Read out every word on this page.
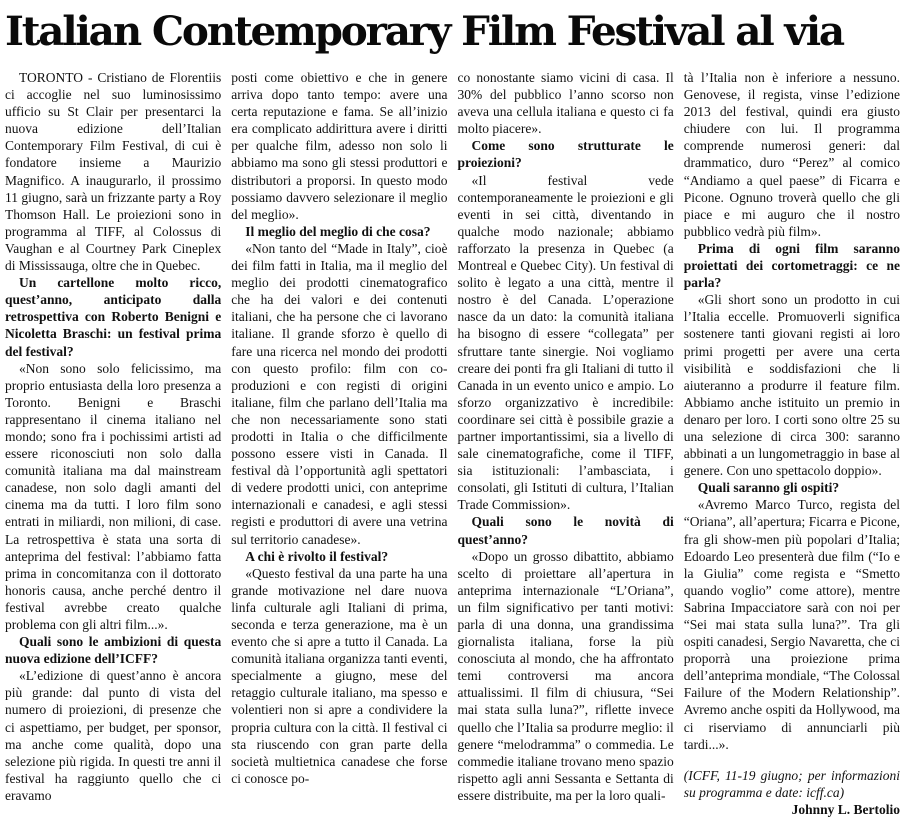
Italian Contemporary Film Festival al via

TORONTO - Cristiano de Florentiis ci accoglie nel suo luminosissimo ufficio su St Clair per presentarci la nuova edizione dell’Italian Contemporary Film Festival, di cui è fondatore insieme a Maurizio Magnifico. A inaugurarlo, il prossimo 11 giugno, sarà un frizzante party a Roy Thomson Hall. Le proiezioni sono in programma al TIFF, al Colossus di Vaughan e al Courtney Park Cineplex di Mississauga, oltre che in Quebec.

Un cartellone molto ricco, quest’anno, anticipato dalla retrospettiva con Roberto Benigni e Nicoletta Braschi: un festival prima del festival?

«Non sono solo felicissimo, ma proprio entusiasta della loro presenza a Toronto. Benigni e Braschi rappresentano il cinema italiano nel mondo; sono fra i pochissimi artisti ad essere riconosciuti non solo dalla comunità italiana ma dal mainstream canadese, non solo dagli amanti del cinema ma da tutti. I loro film sono entrati in miliardi, non milioni, di case. La retrospettiva è stata una sorta di anteprima del festival: l’abbiamo fatta prima in concomitanza con il dottorato honoris causa, anche perché dentro il festival avrebbe creato qualche problema con gli altri film...».

Quali sono le ambizioni di questa nuova edizione dell’ICFF?

«L’edizione di quest’anno è ancora più grande: dal punto di vista del numero di proiezioni, di presenze che ci aspettiamo, per budget, per sponsor, ma anche come qualità, dopo una selezione più rigida. In questi tre anni il festival ha raggiunto quello che ci eravamo

posti come obiettivo e che in genere arriva dopo tanto tempo: avere una certa reputazione e fama. Se all’inizio era complicato addirittura avere i diritti per qualche film, adesso non solo li abbiamo ma sono gli stessi produttori e distributori a proporsi. In questo modo possiamo davvero selezionare il meglio del meglio».

Il meglio del meglio di che cosa?

«Non tanto del “Made in Italy”, cioè dei film fatti in Italia, ma il meglio del meglio dei prodotti cinematografico che ha dei valori e dei contenuti italiani, che ha persone che ci lavorano italiane. Il grande sforzo è quello di fare una ricerca nel mondo dei prodotti con questo profilo: film con co-produzioni e con registi di origini italiane, film che parlano dell’Italia ma che non necessariamente sono stati prodotti in Italia o che difficilmente possono essere visti in Canada. Il festival dà l’opportunità agli spettatori di vedere prodotti unici, con anteprime internazionali e canadesi, e agli stessi registi e produttori di avere una vetrina sul territorio canadese».

A chi è rivolto il festival?

«Questo festival da una parte ha una grande motivazione nel dare nuova linfa culturale agli Italiani di prima, seconda e terza generazione, ma è un evento che si apre a tutto il Canada. La comunità italiana organizza tanti eventi, specialmente a giugno, mese del retaggio culturale italiano, ma spesso e volentieri non si apre a condividere la propria cultura con la città. Il festival ci sta riuscendo con gran parte della società multietnica canadese che forse ci conosce po-

co nonostante siamo vicini di casa. Il 30% del pubblico l’anno scorso non aveva una cellula italiana e questo ci fa molto piacere».

Come sono strutturate le proiezioni?

«Il festival vede contemporaneamente le proiezioni e gli eventi in sei città, diventando in qualche modo nazionale; abbiamo rafforzato la presenza in Quebec (a Montreal e Quebec City). Un festival di solito è legato a una città, mentre il nostro è del Canada. L’operazione nasce da un dato: la comunità italiana ha bisogno di essere “collegata” per sfruttare tante sinergie. Noi vogliamo creare dei ponti fra gli Italiani di tutto il Canada in un evento unico e ampio. Lo sforzo organizzativo è incredibile: coordinare sei città è possibile grazie a partner importantissimi, sia a livello di sale cinematografiche, come il TIFF, sia istituzionali: l’ambasciata, i consolati, gli Istituti di cultura, l’Italian Trade Commission».

Quali sono le novità di quest’anno?

«Dopo un grosso dibattito, abbiamo scelto di proiettare all’apertura in anteprima internazionale “L’Oriana”, un film significativo per tanti motivi: parla di una donna, una grandissima giornalista italiana, forse la più conosciuta al mondo, che ha affrontato temi controversi ma ancora attualissimi. Il film di chiusura, “Sei mai stata sulla luna?”, riflette invece quello che l’Italia sa produrre meglio: il genere “melodramma” o commedia. Le commedie italiane trovano meno spazio rispetto agli anni Sessanta e Settanta di essere distribuite, ma per la loro quali-

tà l’Italia non è inferiore a nessuno. Genovese, il regista, vinse l’edizione 2013 del festival, quindi era giusto chiudere con lui. Il programma comprende numerosi generi: dal drammatico, duro “Perez” al comico “Andiamo a quel paese” di Ficarra e Picone. Ognuno troverà quello che gli piace e mi auguro che il nostro pubblico vedrà più film».

Prima di ogni film saranno proiettati dei cortometraggi: ce ne parla?

«Gli short sono un prodotto in cui l’Italia eccelle. Promuoverli significa sostenere tanti giovani registi ai loro primi progetti per avere una certa visibilità e soddisfazioni che li aiuteranno a produrre il feature film. Abbiamo anche istituito un premio in denaro per loro. I corti sono oltre 25 su una selezione di circa 300: saranno abbinati a un lungometraggio in base al genere. Con uno spettacolo doppio».

Quali saranno gli ospiti?

«Avremo Marco Turco, regista del “Oriana”, all’apertura; Ficarra e Picone, fra gli show-men più popolari d’Italia; Edoardo Leo presenterà due film (“Io e la Giulia” come regista e “Smetto quando voglio” come attore), mentre Sabrina Impacciatore sarà con noi per “Sei mai stata sulla luna?”. Tra gli ospiti canadesi, Sergio Navaretta, che ci proporrà una proiezione prima dell’anteprima mondiale, “The Colossal Failure of the Modern Relationship”. Avremo anche ospiti da Hollywood, ma ci riserviamo di annunciarli più tardi...».

(ICFF, 11-19 giugno; per informazioni su programma e date: icff.ca)

Johnny L. Bertolio
